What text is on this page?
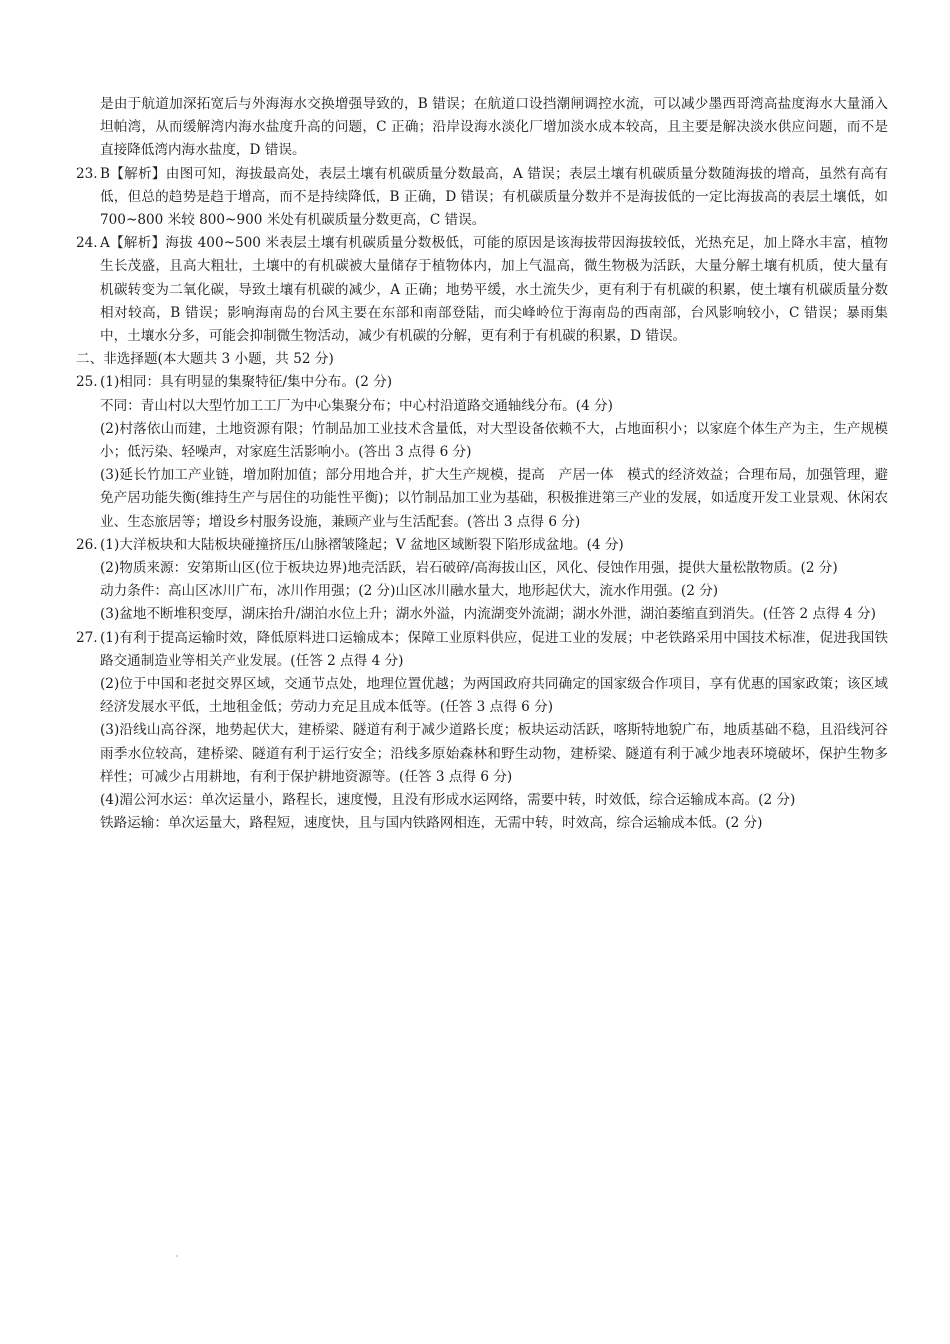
是由于航道加深拓宽后与外海海水交换增强导致的，B 错误；在航道口设挡潮闸调控水流，可以减少墨西哥湾高盐度海水大量涌入坦帕湾，从而缓解湾内海水盐度升高的问题，C 正确；沿岸设海水淡化厂增加淡水成本较高，且主要是解决淡水供应问题，而不是直接降低湾内海水盐度，D 错误。

23. B【解析】由图可知，海拔最高处，表层土壤有机碳质量分数最高，A 错误；表层土壤有机碳质量分数随海拔的增高，虽然有高有低，但总的趋势是趋于增高，而不是持续降低，B 正确，D 错误；有机碳质量分数并不是海拔低的一定比海拔高的表层土壤低，如 700~800 米较 800~900 米处有机碳质量分数更高，C 错误。
24. A【解析】海拔 400~500 米表层土壤有机碳质量分数极低，可能的原因是该海拔带因海拔较低，光热充足，加上降水丰富，植物生长茂盛，且高大粗壮，土壤中的有机碳被大量储存于植物体内，加上气温高，微生物极为活跃，大量分解土壤有机质，使大量有机碳转变为二氧化碳，导致土壤有机碳的减少，A 正确；地势平缓，水土流失少，更有利于有机碳的积累，使土壤有机碳质量分数相对较高，B 错误；影响海南岛的台风主要在东部和南部登陆，而尖峰岭位于海南岛的西南部，台风影响较小，C 错误；暴雨集中，土壤水分多，可能会抑制微生物活动，减少有机碳的分解，更有利于有机碳的积累，D 错误。

二、非选择题(本大题共 3 小题，共 52 分)

25. (1)相同：具有明显的集聚特征/集中分布。(2 分)

不同：青山村以大型竹加工工厂为中心集聚分布；中心村沿道路交通轴线分布。(4 分)

(2)村落依山而建，土地资源有限；竹制品加工业技术含量低，对大型设备依赖不大，占地面积小；以家庭个体生产为主，生产规模小；低污染、轻噪声，对家庭生活影响小。(答出 3 点得 6 分)

(3)延长竹加工产业链，增加附加值；部分用地合并，扩大生产规模，提高　产居一体　模式的经济效益；合理布局，加强管理，避免产居功能失衡(维持生产与居住的功能性平衡)；以竹制品加工业为基础，积极推进第三产业的发展，如适度开发工业景观、休闲农业、生态旅居等；增设乡村服务设施，兼顾产业与生活配套。(答出 3 点得 6 分)

26. (1)大洋板块和大陆板块碰撞挤压/山脉褶皱隆起；V 盆地区域断裂下陷形成盆地。(4 分)

(2)物质来源：安第斯山区(位于板块边界)地壳活跃，岩石破碎/高海拔山区，风化、侵蚀作用强，提供大量松散物质。(2 分)

动力条件：高山区冰川广布，冰川作用强；(2 分)山区冰川融水量大，地形起伏大，流水作用强。(2 分)

(3)盆地不断堆积变厚，湖床抬升/湖泊水位上升；湖水外溢，内流湖变外流湖；湖水外泄，湖泊萎缩直到消失。(任答 2 点得 4 分)

27. (1)有利于提高运输时效，降低原料进口运输成本；保障工业原料供应，促进工业的发展；中老铁路采用中国技术标准，促进我国铁路交通制造业等相关产业发展。(任答 2 点得 4 分)

(2)位于中国和老挝交界区域，交通节点处，地理位置优越；为两国政府共同确定的国家级合作项目，享有优惠的国家政策；该区域经济发展水平低，土地租金低；劳动力充足且成本低等。(任答 3 点得 6 分)

(3)沿线山高谷深，地势起伏大，建桥梁、隧道有利于减少道路长度；板块运动活跃，喀斯特地貌广布，地质基础不稳，且沿线河谷雨季水位较高，建桥梁、隧道有利于运行安全；沿线多原始森林和野生动物，建桥梁、隧道有利于减少地表环境破坏，保护生物多样性；可减少占用耕地，有利于保护耕地资源等。(任答 3 点得 6 分)

(4)湄公河水运：单次运量小，路程长，速度慢，且没有形成水运网络，需要中转，时效低，综合运输成本高。(2 分)

铁路运输：单次运量大，路程短，速度快，且与国内铁路网相连，无需中转，时效高，综合运输成本低。(2 分)
